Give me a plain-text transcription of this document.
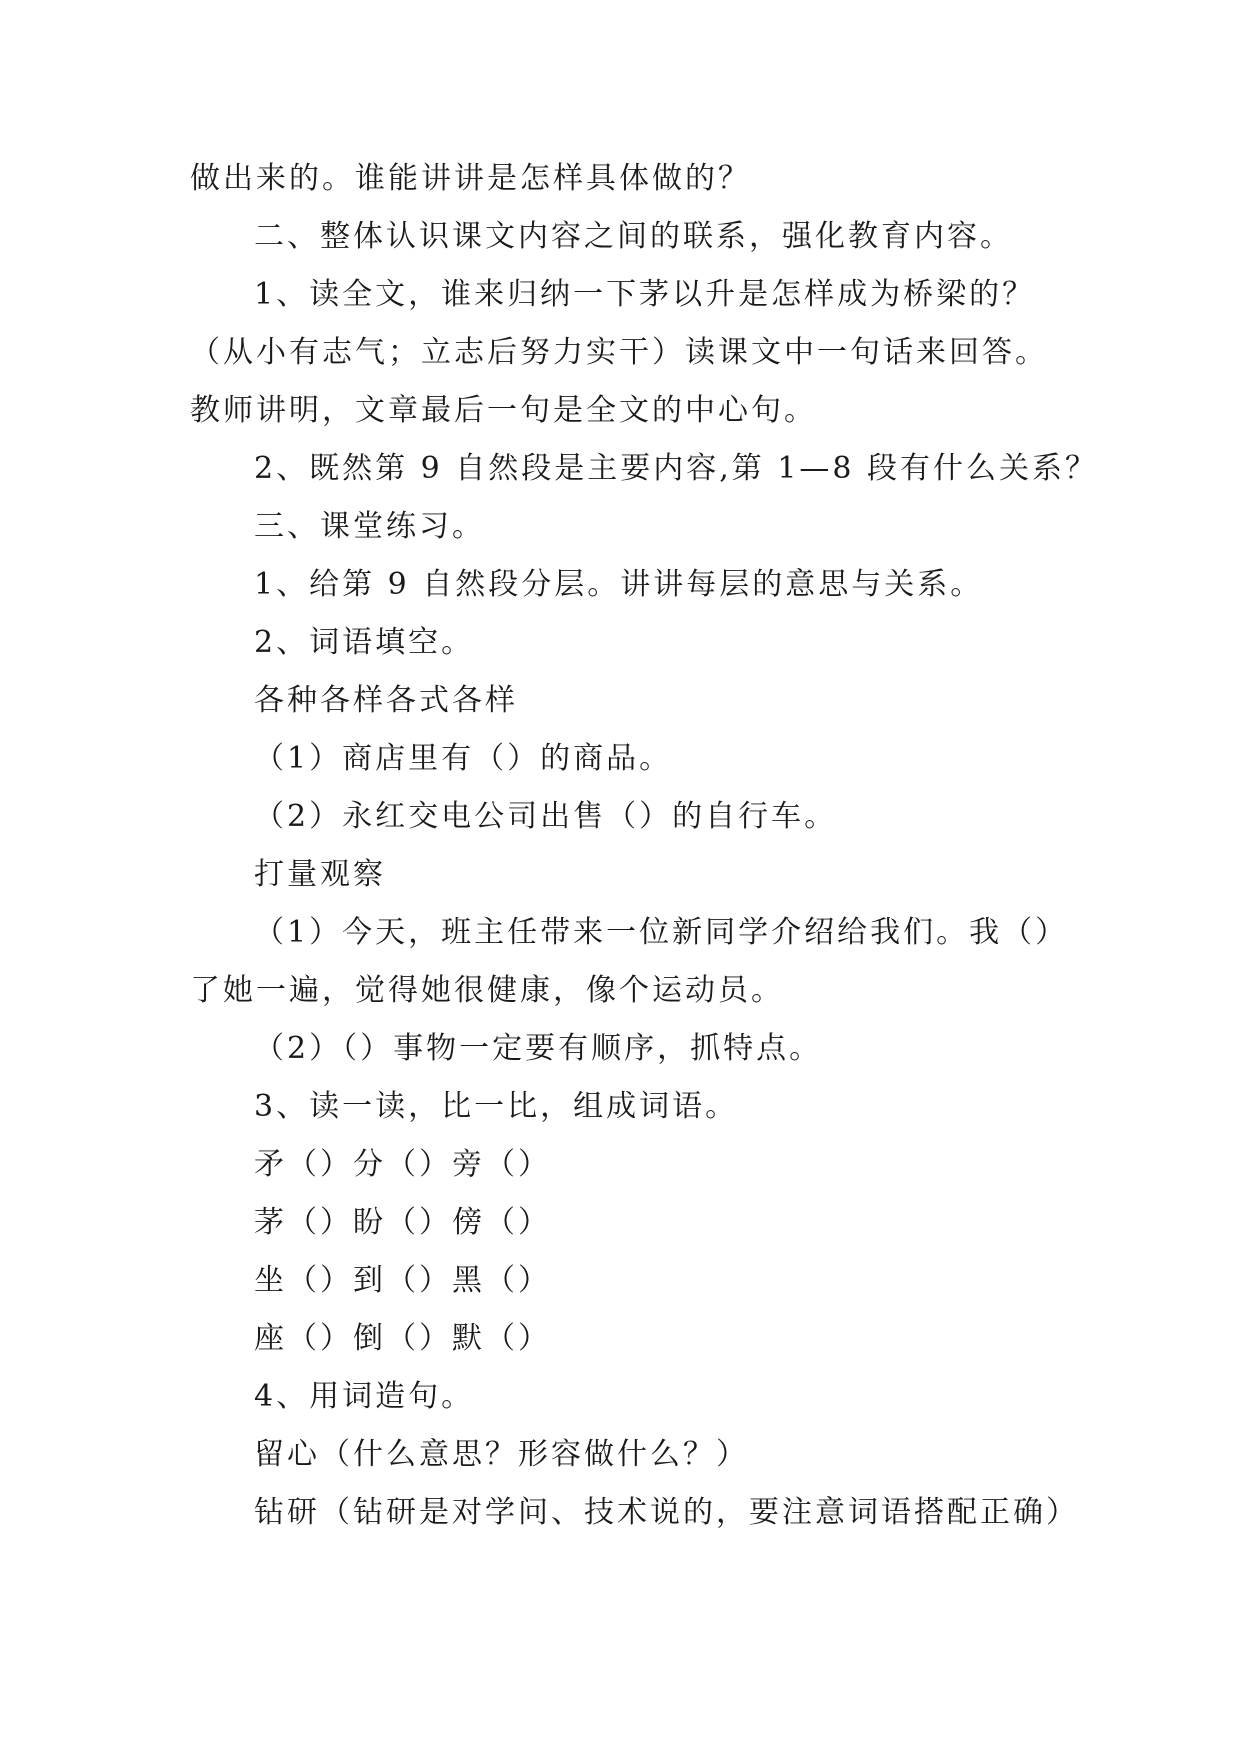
做出来的。谁能讲讲是怎样具体做的？
二、整体认识课文内容之间的联系，强化教育内容。
1、读全文，谁来归纳一下茅以升是怎样成为桥梁的？
（从小有志气；立志后努力实干）读课文中一句话来回答。
教师讲明，文章最后一句是全文的中心句。
2、既然第 9 自然段是主要内容,第 1—8 段有什么关系？
三、课堂练习。
1、给第 9 自然段分层。讲讲每层的意思与关系。
2、词语填空。
各种各样各式各样
（1）商店里有（）的商品。
（2）永红交电公司出售（）的自行车。
打量观察
（1）今天，班主任带来一位新同学介绍给我们。我（）
了她一遍，觉得她很健康，像个运动员。
（2）（）事物一定要有顺序，抓特点。
3、读一读，比一比，组成词语。
矛（）分（）旁（）
茅（）盼（）傍（）
坐（）到（）黑（）
座（）倒（）默（）
4、用词造句。
留心（什么意思？形容做什么？）
钻研（钻研是对学问、技术说的，要注意词语搭配正确）
